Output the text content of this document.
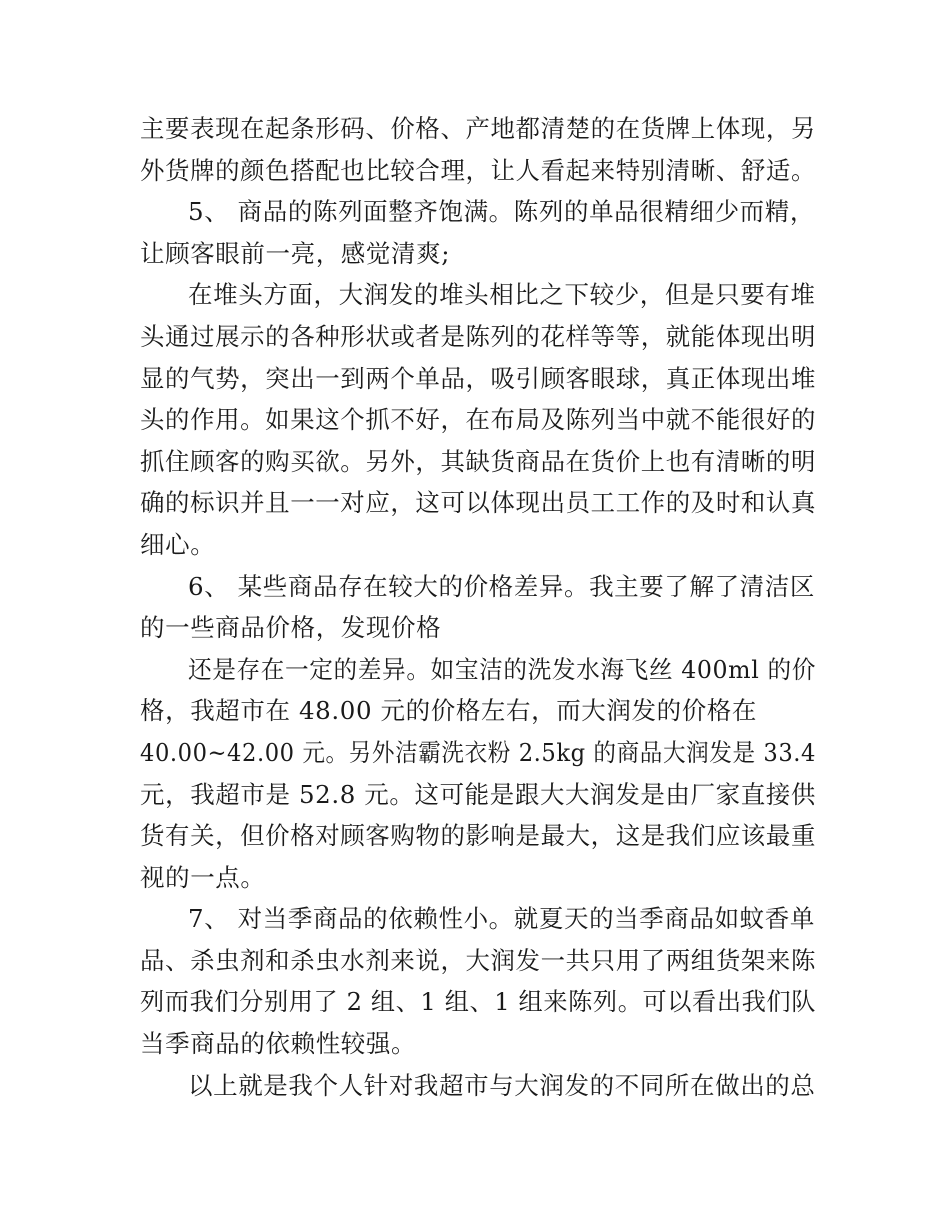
主要表现在起条形码、价格、产地都清楚的在货牌上体现，另
外货牌的颜色搭配也比较合理，让人看起来特别清晰、舒适。
5、 商品的陈列面整齐饱满。陈列的单品很精细少而精，
让顾客眼前一亮，感觉清爽;
在堆头方面，大润发的堆头相比之下较少，但是只要有堆
头通过展示的各种形状或者是陈列的花样等等，就能体现出明
显的气势，突出一到两个单品，吸引顾客眼球，真正体现出堆
头的作用。如果这个抓不好，在布局及陈列当中就不能很好的
抓住顾客的购买欲。另外，其缺货商品在货价上也有清晰的明
确的标识并且一一对应，这可以体现出员工工作的及时和认真
细心。
6、 某些商品存在较大的价格差异。我主要了解了清洁区
的一些商品价格，发现价格
还是存在一定的差异。如宝洁的洗发水海飞丝 400ml 的价
格，我超市在 48.00 元的价格左右，而大润发的价格在
40.00~42.00 元。另外洁霸洗衣粉 2.5kg 的商品大润发是 33.4
元，我超市是 52.8 元。这可能是跟大大润发是由厂家直接供
货有关，但价格对顾客购物的影响是最大，这是我们应该最重
视的一点。
7、 对当季商品的依赖性小。就夏天的当季商品如蚊香单
品、杀虫剂和杀虫水剂来说，大润发一共只用了两组货架来陈
列而我们分别用了 2 组、1 组、1 组来陈列。可以看出我们队
当季商品的依赖性较强。
以上就是我个人针对我超市与大润发的不同所在做出的总
